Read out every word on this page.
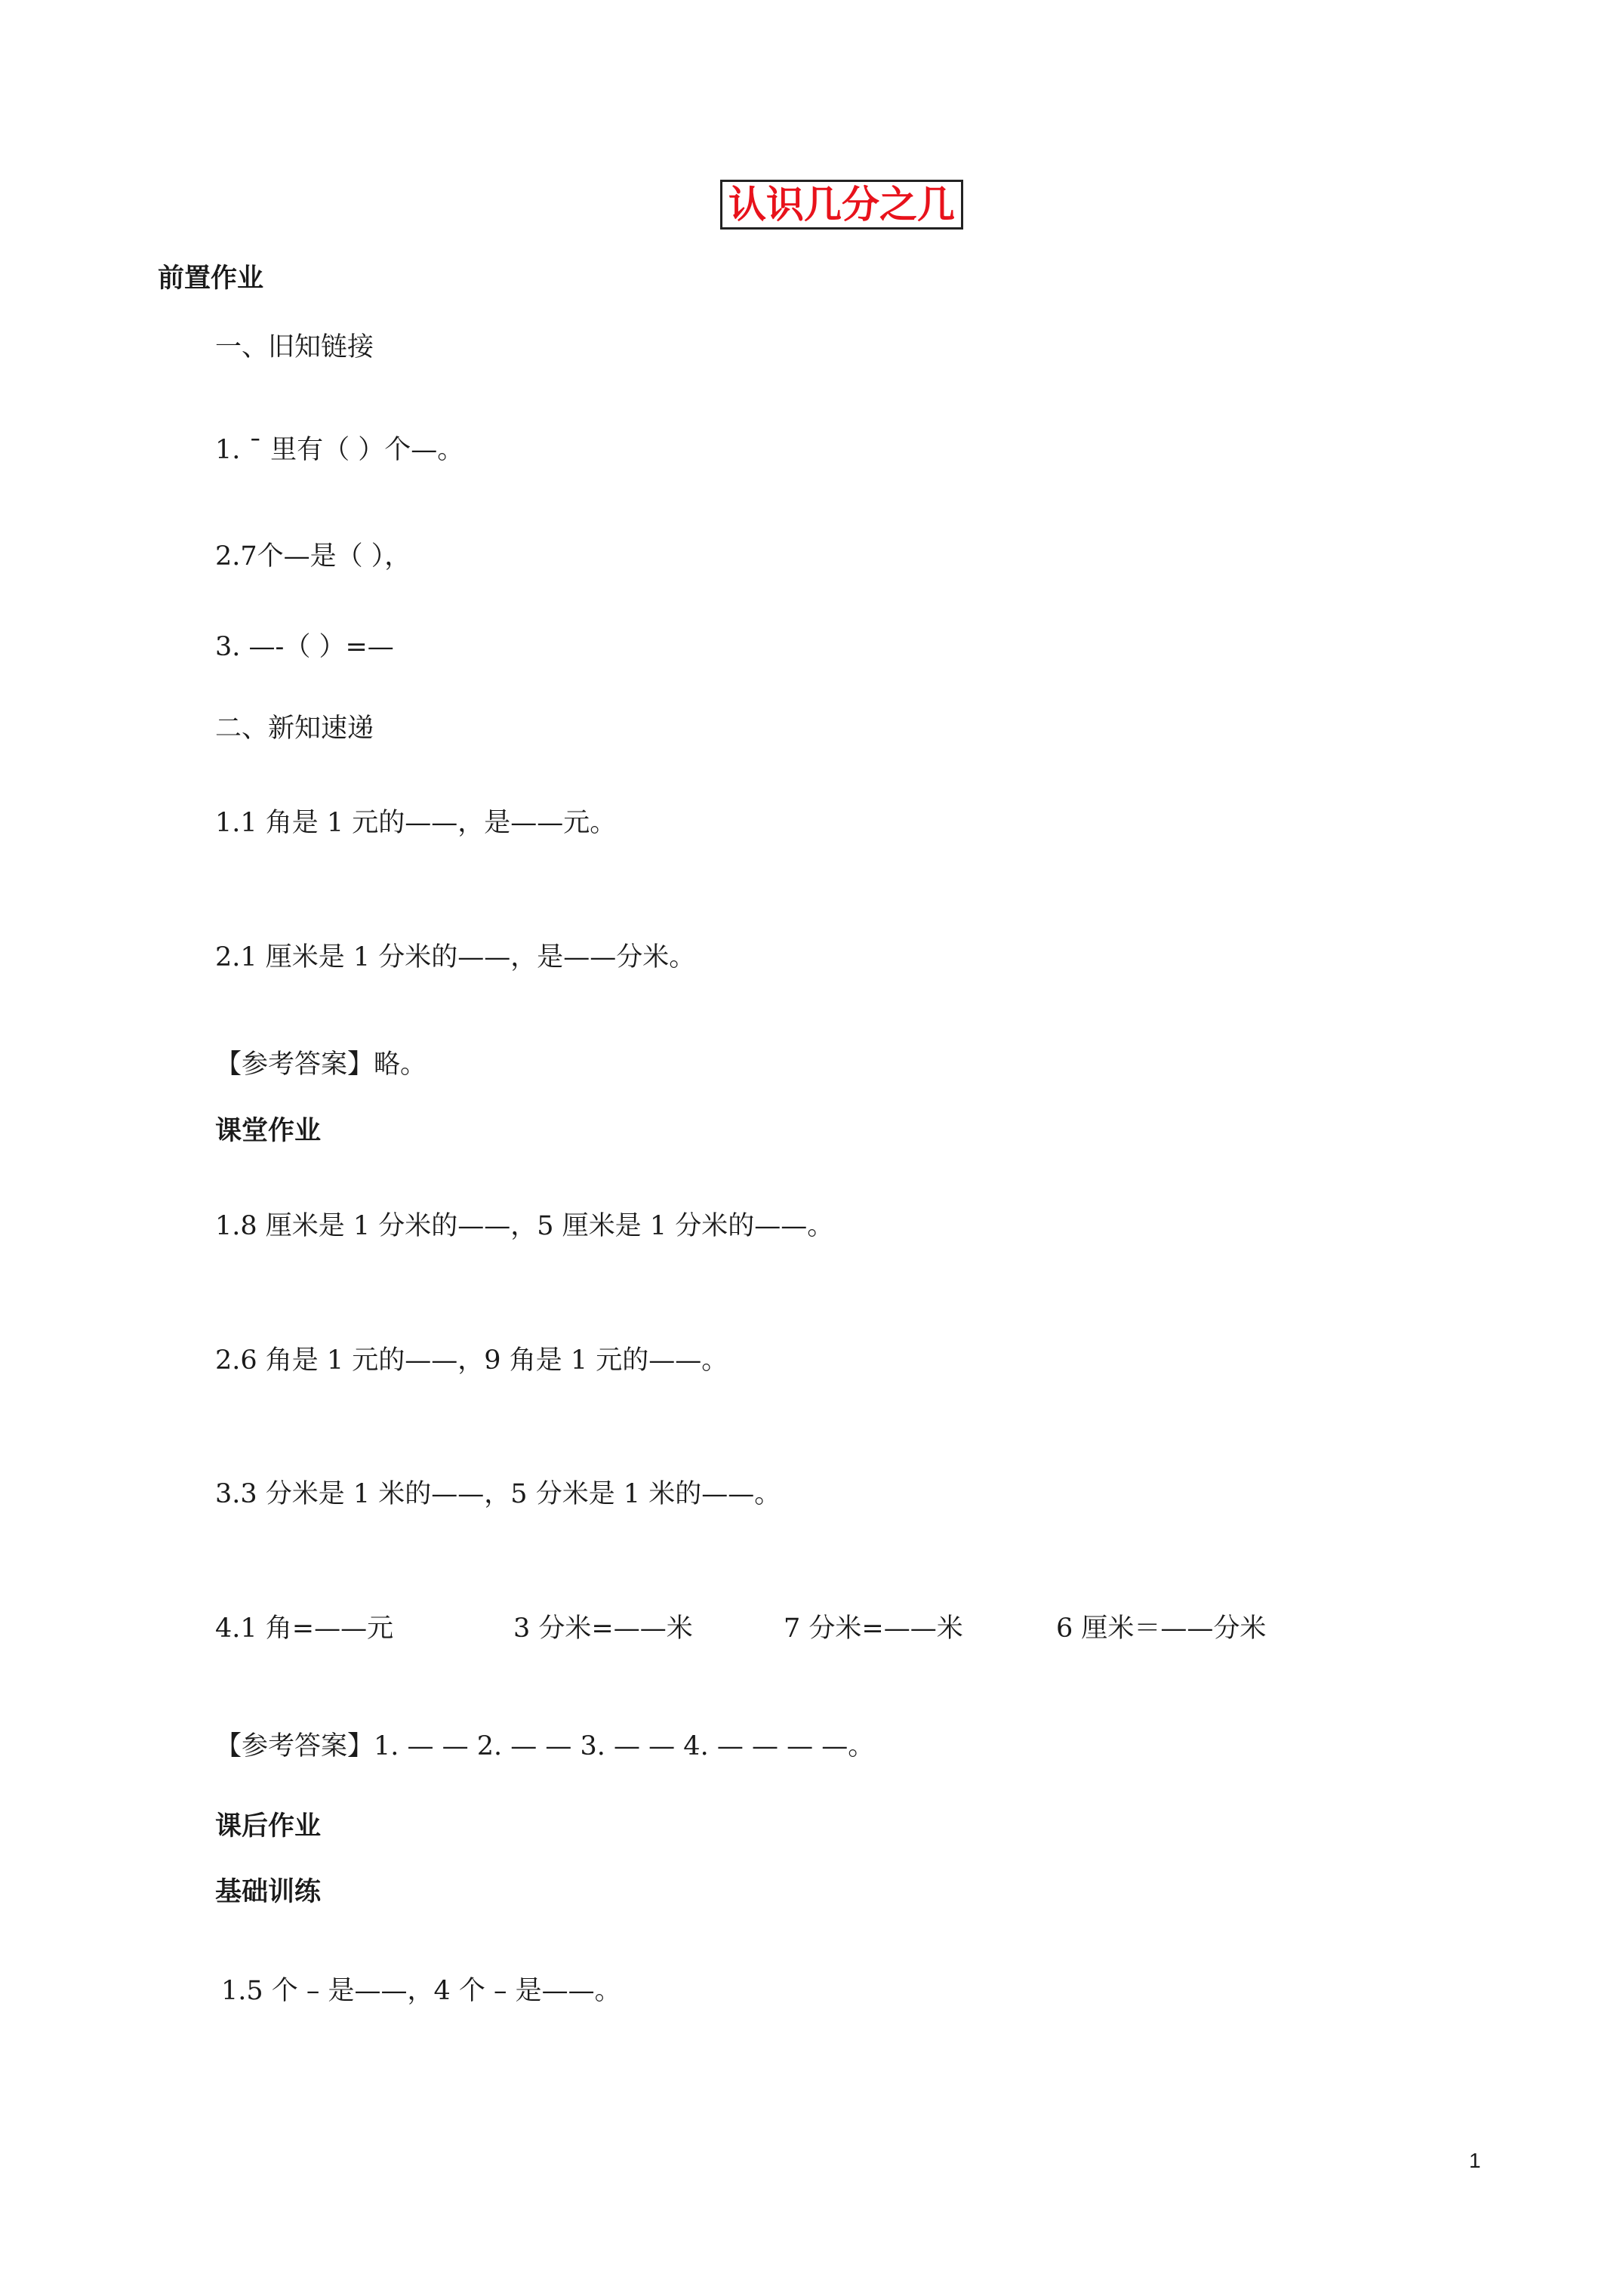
认识几分之几
前置作业
一、旧知链接
1. ¯ 里有（ ）个—。
2.7个—是（ ），
3. —-（ ）=—
二、新知速递
1.1 角是 1 元的——，是——元。
2.1 厘米是 1 分米的——，是——分米。
【参考答案】略。
课堂作业
1.8 厘米是 1 分米的——，5 厘米是 1 分米的——。
2.6 角是 1 元的——，9 角是 1 元的——。
3.3 分米是 1 米的——，5 分米是 1 米的——。
4.1 角=——元	3 分米=——米	7 分米=——米	6 厘米＝——分米
【参考答案】1. — — 2. — — 3. — — 4. — — — —。
课后作业
基础训练
1.5 个 – 是——，4 个 – 是——。
1
